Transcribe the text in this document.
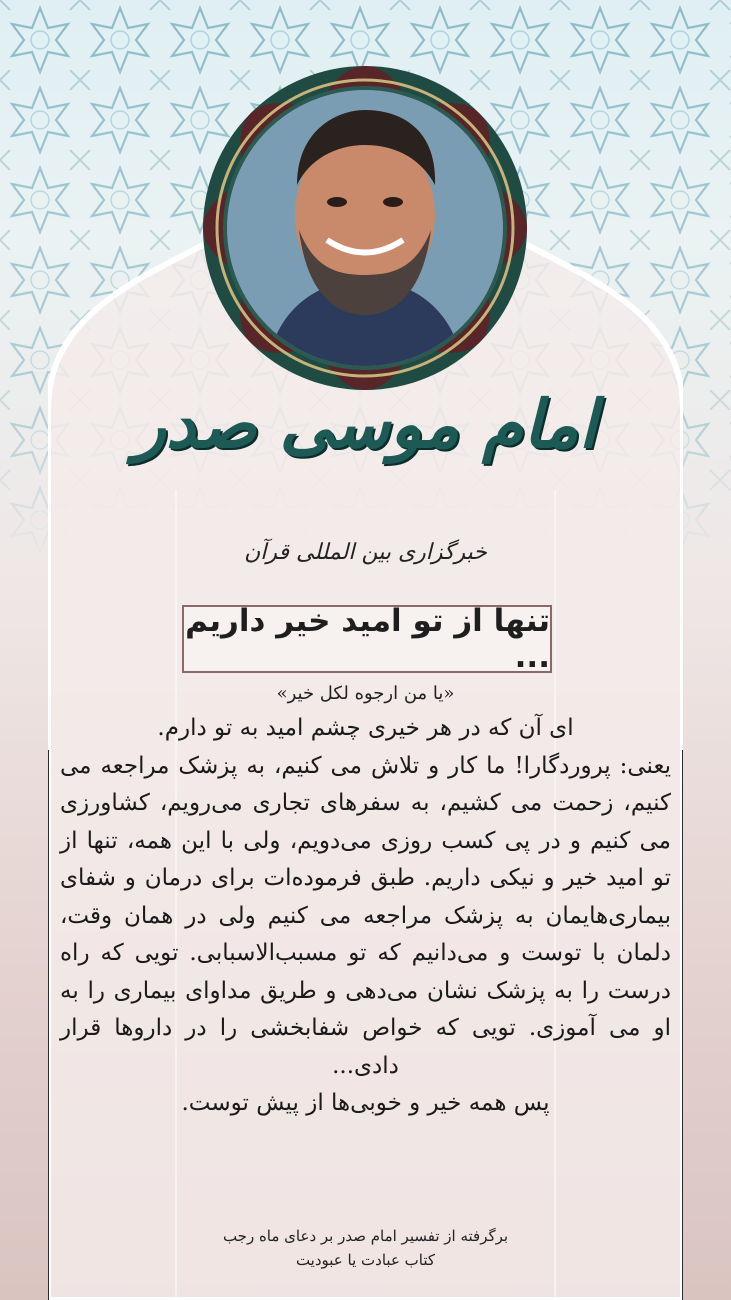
امام موسی صدر
خبرگزاری بین المللی قرآن
تنها از تو امید خیر داریم ...
«یا من ارجوه لکل خیر»

ای آن که در هر خیری چشم امید به تو دارم.

یعنی: پروردگارا! ما کار و تلاش می کنیم، به پزشک مراجعه می کنیم، زحمت می کشیم، به سفرهای تجاری می‌رویم، کشاورزی می کنیم و در پی کسب روزی می‌دویم، ولی با این همه، تنها از تو امید خیر و نیکی داریم. طبق فرموده‌ات برای درمان و شفای بیماری‌هایمان به پزشک مراجعه می کنیم ولی در همان وقت، دلمان با توست و می‌دانیم که تو مسبب‌الاسبابی. تویی که راه درست را به پزشک نشان می‌دهی و طریق مداوای بیماری را به او می آموزی. تویی که خواص شفابخشی را در داروها قرار دادی...

پس همه خیر و خوبی‌ها از پیش توست.

برگرفته از تفسیر امام صدر بر دعای ماه رجب
کتاب عبادت یا عبودیت
